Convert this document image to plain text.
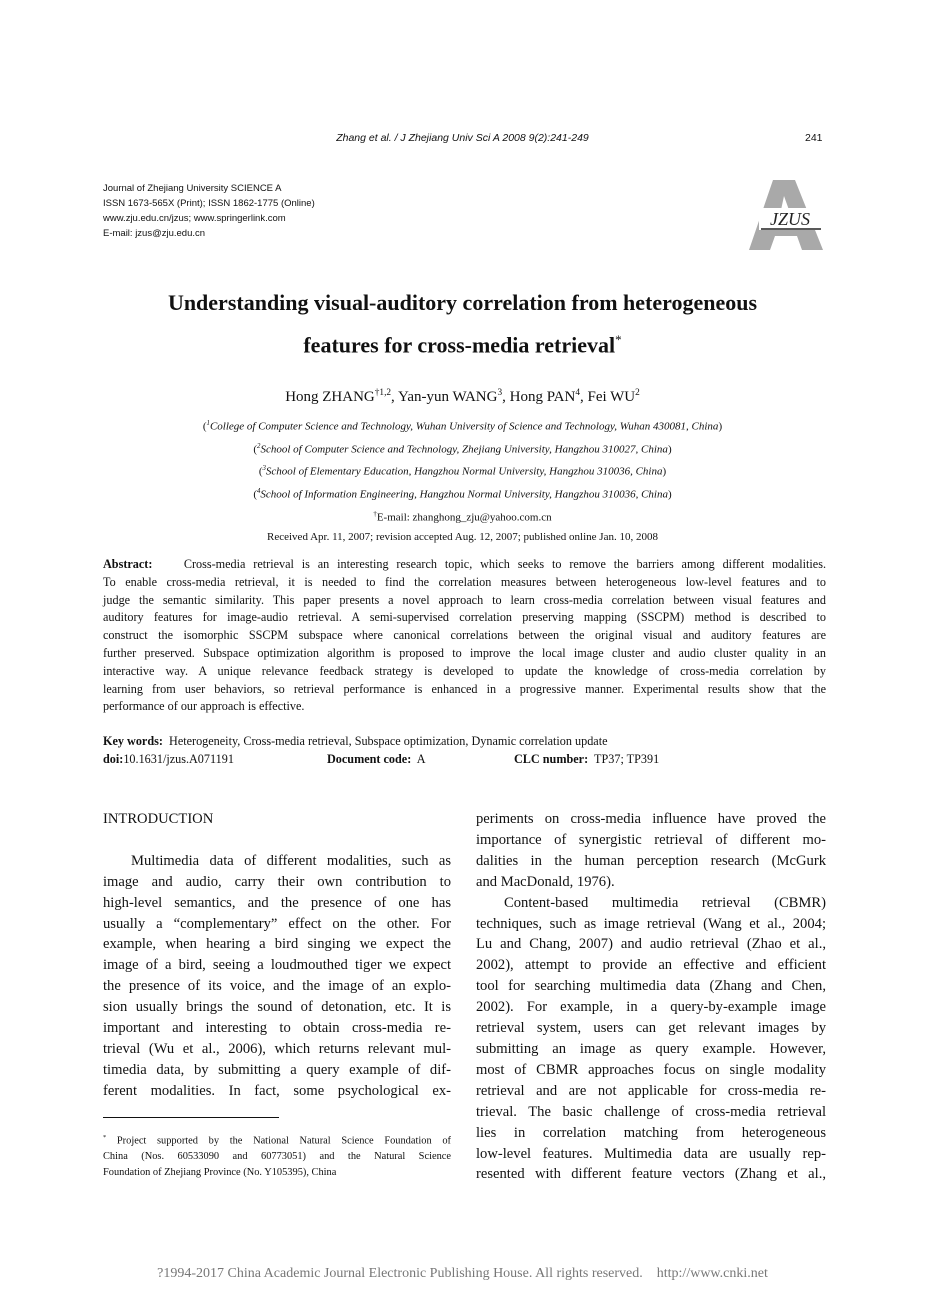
Zhang et al. / J Zhejiang Univ Sci A 2008 9(2):241-249	241
Journal of Zhejiang University SCIENCE A
ISSN 1673-565X (Print); ISSN 1862-1775 (Online)
www.zju.edu.cn/jzus; www.springerlink.com
E-mail: jzus@zju.edu.cn
JZUS
Understanding visual-auditory correlation from heterogeneous
features for cross-media retrieval*
Hong ZHANG$^{\dagger 1,2}$, Yan-yun WANG$^3$, Hong PAN$^4$, Fei $WU^2$
($^1$College of Computer Science and Technology, Wuhan University of Science and Technology, Wuhan 430081, China)
($^2$School of Computer Science and Technology, Zhejiang University, Hangzhou 310027, China)
($^3$School of Elementary Education, Hangzhou Normal University, Hangzhou 310036, China)
($^4$School of Information Engineering, Hangzhou Normal University, Hangzhou 310036, China)
†E-mail: zhanghong_zju@yahoo.com.cn
Received Apr. 11, 2007; revision accepted Aug. 12, 2007; published online Jan. 10, 2008
Abstract:	Cross-media retrieval is an interesting research topic, which seeks to remove the barriers among different modalities.
To enable cross-media retrieval, it is needed to find the correlation measures between heterogeneous low-level features and to
judge the semantic similarity. This paper presents a novel approach to learn cross-media correlation between visual features and
auditory features for image-audio retrieval. A semi-supervised correlation preserving mapping (SSCPM) method is described to
construct the isomorphic SSCPM subspace where canonical correlations between the original visual and auditory features are
further preserved. Subspace optimization algorithm is proposed to improve the local image cluster and audio cluster quality in an
interactive way. A unique relevance feedback strategy is developed to update the knowledge of cross-media correlation by
learning from user behaviors, so retrieval performance is enhanced in a progressive manner. Experimental results show that the
performance of our approach is effective.
Key words: Heterogeneity, Cross-media retrieval, Subspace optimization, Dynamic correlation update
doi:10.1631/jzus.A071191	Document code: A	CLC number: TP37; TP391
INTRODUCTION
Multimedia data of different modalities, such as
image and audio, carry their own contribution to
high-level semantics, and the presence of one has
usually a “complementary” effect on the other. For
example, when hearing a bird singing we expect the
image of a bird, seeing a loudmouthed tiger we expect
the presence of its voice, and the image of an explo-
sion usually brings the sound of detonation, etc. It is
important and interesting to obtain cross-media re-
trieval (Wu et al., 2006), which returns relevant mul-
timedia data, by submitting a query example of dif-
ferent modalities. In fact, some psychological ex-
periments on cross-media influence have proved the
importance of synergistic retrieval of different mo-
dalities in the human perception research (McGurk
and MacDonald, 1976).
Content-based multimedia retrieval (CBMR)
techniques, such as image retrieval (Wang et al., 2004;
Lu and Chang, 2007) and audio retrieval (Zhao et al.,
2002), attempt to provide an effective and efficient
tool for searching multimedia data (Zhang and Chen,
2002). For example, in a query-by-example image
retrieval system, users can get relevant images by
submitting an image as query example. However,
most of CBMR approaches focus on single modality
retrieval and are not applicable for cross-media re-
trieval. The basic challenge of cross-media retrieval
lies in correlation matching from heterogeneous
low-level features. Multimedia data are usually rep-
resented with different feature vectors (Zhang et al.,
* Project supported by the National Natural Science Foundation of
China (Nos. 60533090 and 60773051) and the Natural Science
Foundation of Zhejiang Province (No. Y105395), China
?1994-2017 China Academic Journal Electronic Publishing House. All rights reserved.    http://www.cnki.net
